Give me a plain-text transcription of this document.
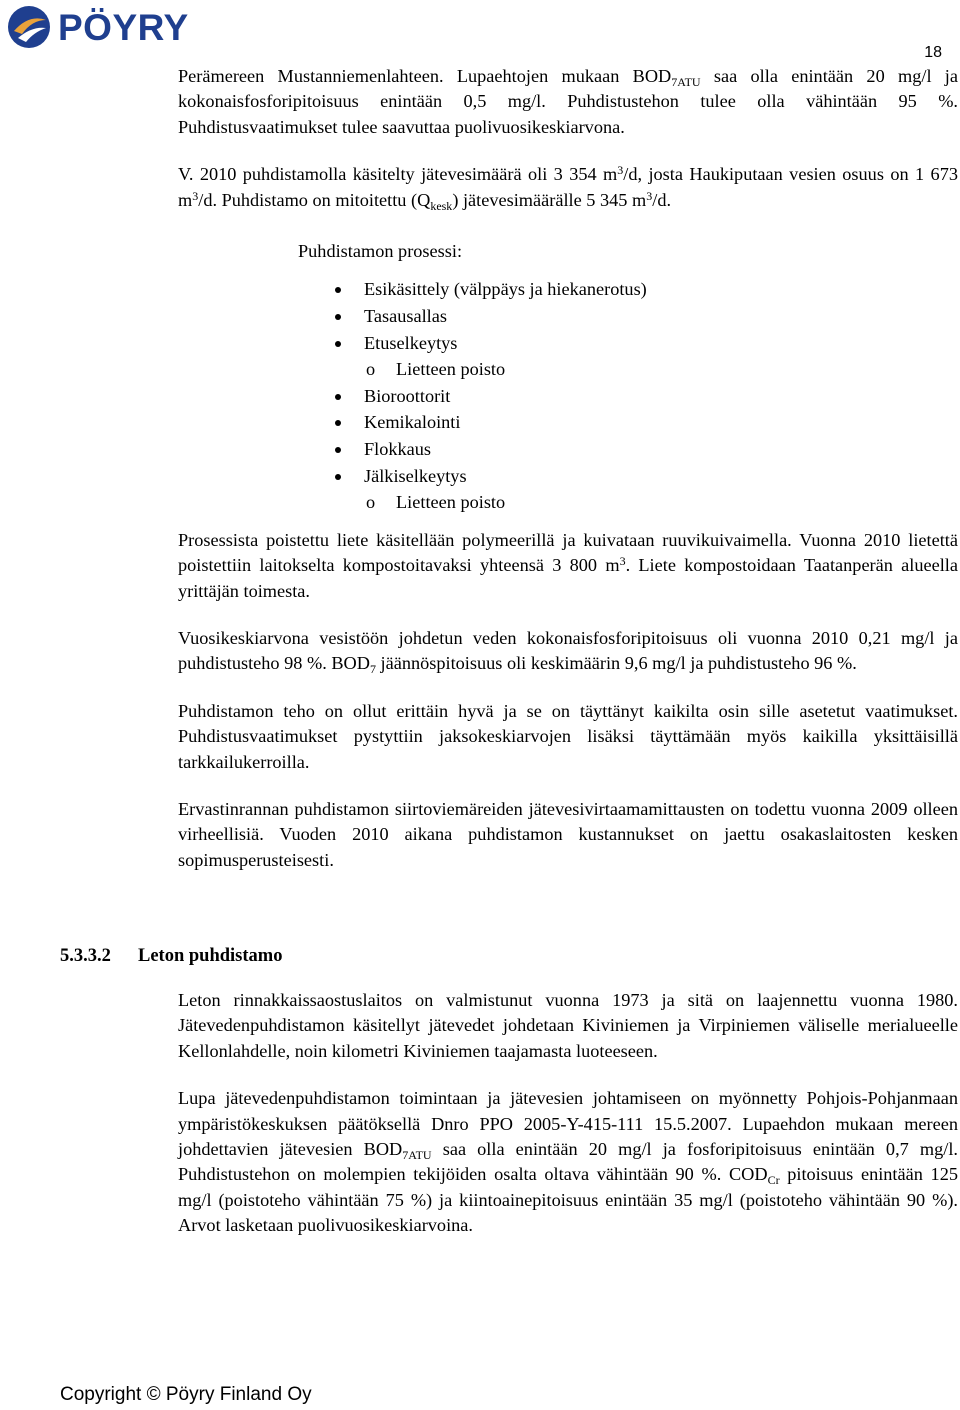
PÖYRY
18

Perämereen Mustanniemenlahteen. Lupaehtojen mukaan $BOD_{7ATU}$ saa olla enintään 20 mg/l ja kokonaisfosforipitoisuus enintään 0,5 mg/l. Puhdistustehon tulee olla vähintään 95 %. Puhdistusvaatimukset tulee saavuttaa puolivuosikeskiarvona.

V. 2010 puhdistamolla käsitelty jätevesimäärä oli 3 354 $m^3/d$, josta Haukiputaan vesien osuus on 1 673 $m^3/d$. Puhdistamo on mitoitettu $(Q_{kesk})$ jätevesimäärälle 5 345 $m^3/d$.

Puhdistamon prosessi:
Esikäsittely (välppäys ja hiekanerotus)
Tasausallas
Etuselkeytys
o Lietteen poisto
Bioroottorit
Kemikalointi
Flokkaus
Jälkiselkeytys
o Lietteen poisto

Prosessista poistettu liete käsitellään polymeerillä ja kuivataan ruuvikuivaimella. Vuonna 2010 lietettä poistettiin laitokselta kompostoitavaksi yhteensä 3 800 $m^3$. Liete kompostoidaan Taatanperän alueella yrittäjän toimesta.

Vuosikeskiarvona vesistöön johdetun veden kokonaisfosforipitoisuus oli vuonna 2010 0,21 mg/l ja puhdistusteho 98 %. $BOD_7$ jäännöspitoisuus oli keskimäärin 9,6 mg/l ja puhdistusteho 96 %.

Puhdistamon teho on ollut erittäin hyvä ja se on täyttänyt kaikilta osin sille asetetut vaatimukset. Puhdistusvaatimukset pystyttiin jaksokeskiarvojen lisäksi täyttämään myös kaikilla yksittäisillä tarkkailukerroilla.

Ervastinrannan puhdistamon siirtoviemäreiden jätevesivirtaamamittausten on todettu vuonna 2009 olleen virheellisiä. Vuoden 2010 aikana puhdistamon kustannukset on jaettu osakaslaitosten kesken sopimusperusteisesti.

5.3.3.2 Leton puhdistamo

Leton rinnakkaissaostuslaitos on valmistunut vuonna 1973 ja sitä on laajennettu vuonna 1980. Jätevedenpuhdistamon käsitellyt jätevedet johdetaan Kiviniemen ja Virpiniemen väliselle merialueelle Kellonlahdelle, noin kilometri Kiviniemen taajamasta luoteeseen.

Lupa jätevedenpuhdistamon toimintaan ja jätevesien johtamiseen on myönnetty Pohjois-Pohjanmaan ympäristökeskuksen päätöksellä Dnro PPO 2005-Y-415-111 15.5.2007. Lupaehdon mukaan mereen johdettavien jätevesien $BOD_{7ATU}$ saa olla enintään 20 mg/l ja fosforipitoisuus enintään 0,7 mg/l. Puhdistustehon on molempien tekijöiden osalta oltava vähintään 90 %. $COD_{Cr}$ pitoisuus enintään 125 mg/l (poistoteho vähintään 75 %) ja kiintoainepitoisuus enintään 35 mg/l (poistoteho vähintään 90 %). Arvot lasketaan puolivuosikeskiarvoina.

Copyright © Pöyry Finland Oy
